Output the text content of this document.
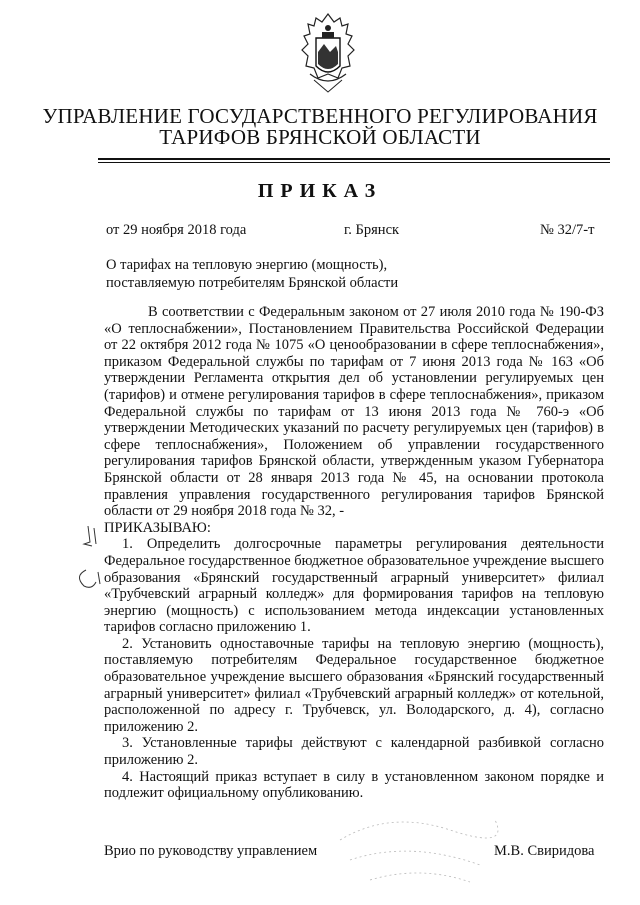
УПРАВЛЕНИЕ ГОСУДАРСТВЕННОГО РЕГУЛИРОВАНИЯ
ТАРИФОВ БРЯНСКОЙ ОБЛАСТИ
ПРИКАЗ
от 29 ноября 2018 года	г. Брянск	№ 32/7-т
О тарифах на тепловую энергию (мощность),
поставляемую потребителям Брянской области

В соответствии с Федеральным законом от 27 июля 2010 года № 190-ФЗ «О теплоснабжении», Постановлением Правительства Российской Федерации от 22 октября 2012 года № 1075 «О ценообразовании в сфере теплоснабжения», приказом Федеральной службы по тарифам от 7 июня 2013 года № 163 «Об утверждении Регламента открытия дел об установлении регулируемых цен (тарифов) и отмене регулирования тарифов в сфере теплоснабжения», приказом Федеральной службы по тарифам от 13 июня 2013 года № 760-э «Об утверждении Методических указаний по расчету регулируемых цен (тарифов) в сфере теплоснабжения», Положением об управлении государственного регулирования тарифов Брянской области, утвержденным указом Губернатора Брянской области от 28 января 2013 года № 45, на основании протокола правления управления государственного регулирования тарифов Брянской области от 29 ноября 2018 года № 32, -

ПРИКАЗЫВАЮ:

1. Определить долгосрочные параметры регулирования деятельности Федеральное государственное бюджетное образовательное учреждение высшего образования «Брянский государственный аграрный университет» филиал «Трубчевский аграрный колледж» для формирования тарифов на тепловую энергию (мощность) с использованием метода индексации установленных тарифов согласно приложению 1.

2. Установить одноставочные тарифы на тепловую энергию (мощность), поставляемую потребителям Федеральное государственное бюджетное образовательное учреждение высшего образования «Брянский государственный аграрный университет» филиал «Трубчевский аграрный колледж» от котельной, расположенной по адресу г. Трубчевск, ул. Володарского, д. 4), согласно приложению 2.

3. Установленные тарифы действуют с календарной разбивкой согласно приложению 2.

4. Настоящий приказ вступает в силу в установленном законом порядке и подлежит официальному опубликованию.

Врио по руководству управлением	М.В. Свиридова
